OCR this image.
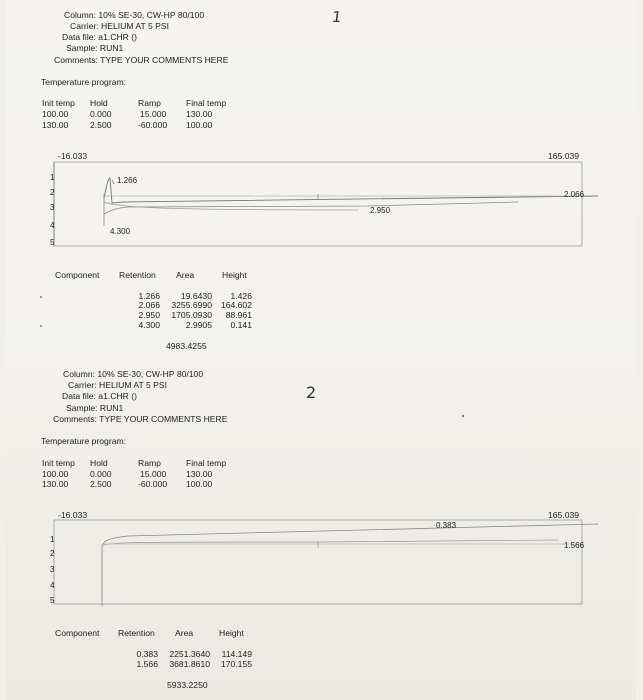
1
2
Column: 10% SE-30, CW-HP 80/100
Carrier: HELIUM AT 5 PSI
Data file: a1.CHR ()
Sample: RUN1
Comments: TYPE YOUR COMMENTS HERE
Temperature program:
Init temp Hold	Ramp	Final temp
100.00	0.000	15.000 130.00
130.00	2.500	-60.000 100.00
-16.033	165.039
1
2
3
4
5
1.266
2.066
2.950
4.300
Component Retention Area	Height
1.266	19.6430	1.426
2.066	3255.6990	164.602
2.950	1705.0930	88.961
4.300	2.9905	0.141
4983.4255
Column: 10% SE-30, CW-HP 80/100
Carrier: HELIUM AT 5 PSI
Data file: a1.CHR ()
Sample: RUN1
Comments: TYPE YOUR COMMENTS HERE
Temperature program:
Init temp Hold	Ramp	Final temp
100.00	0.000	15.000 130.00
130.00	2.500	-60.000 100.00
-16.033	165.039
1
2
3
4
5
0.383
1.566
Component Retention Area	Height
0.383	2251.3640	114.149
1.566	3681.8610	170.155
5933.2250
